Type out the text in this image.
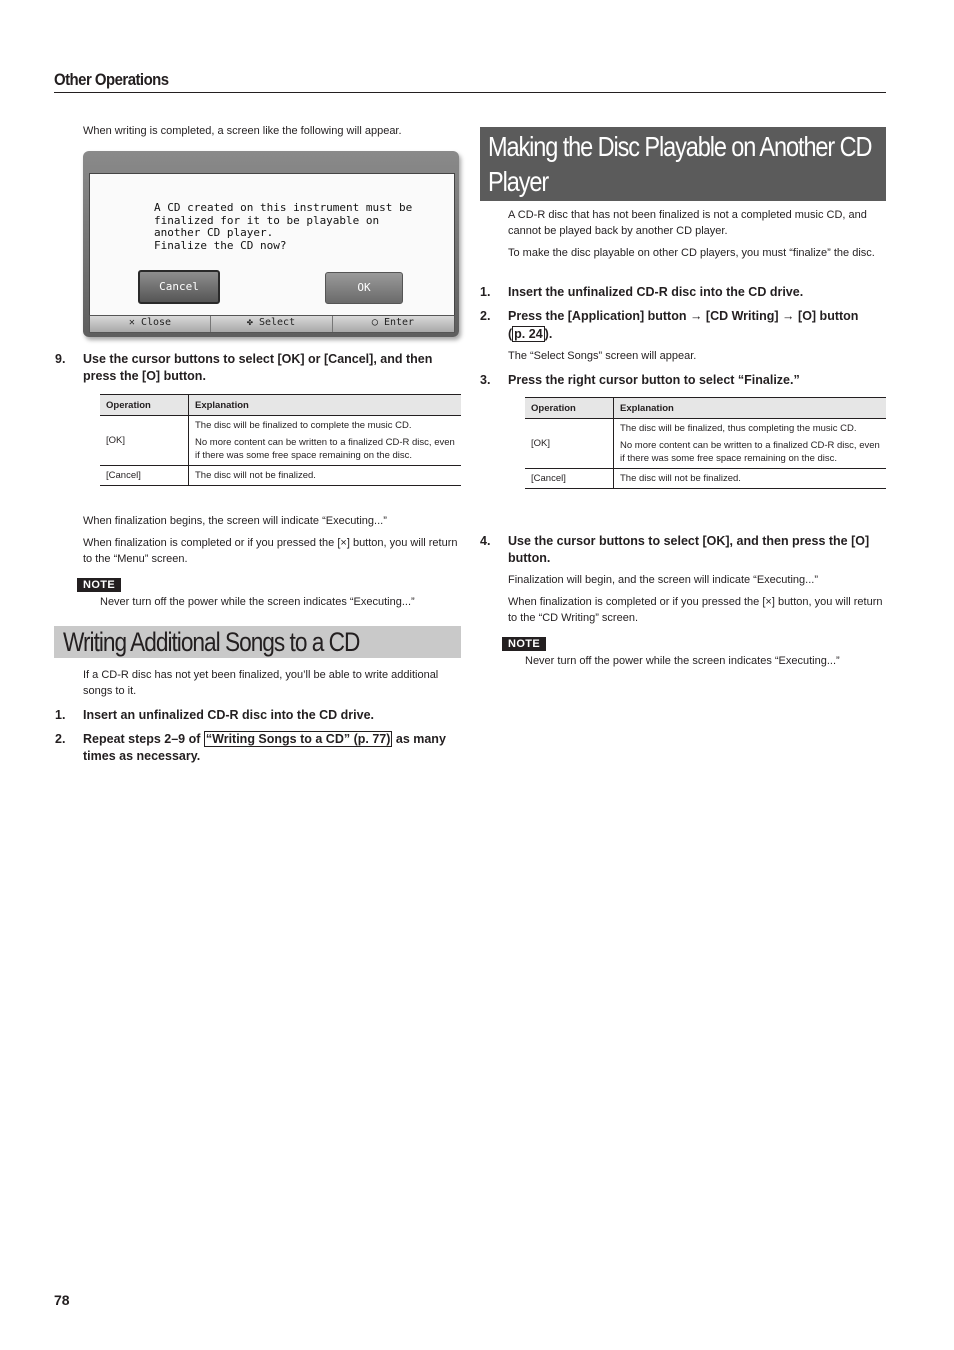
Other Operations

When writing is completed, a screen like the following will appear.

A CD created on this instrument must be
finalized for it to be playable on
another CD player.
Finalize the CD now?
Cancel	OK
✕ Close	✤ Select	◯ Enter
9. Use the cursor buttons to select [OK] or [Cancel], and then press the [O] button.
Operation	Explanation
[OK]	The disc will be finalized to complete the music CD.

No more content can be written to a finalized CD-R disc, even if there was some free space remaining on the disc.

[Cancel]	The disc will not be finalized.

When finalization begins, the screen will indicate “Executing...”

When finalization is completed or if you pressed the [×] button, you will return to the “Menu” screen.

NOTE

Never turn off the power while the screen indicates “Executing...”

Writing Additional Songs to a CD

If a CD-R disc has not yet been finalized, you’ll be able to write additional songs to it.

1. Insert an unfinalized CD-R disc into the CD drive.
2. Repeat steps 2–9 of “Writing Songs to a CD” (p. 77) as many
times as necessary.
Making the Disc Playable on Another CD Player

A CD-R disc that has not been finalized is not a completed music CD, and cannot be played back by another CD player.

To make the disc playable on other CD players, you must “finalize” the disc.

1. Insert the unfinalized CD-R disc into the CD drive.
2. Press the [Application] button → [CD Writing] → [O] button
( p. 24 ).

The “Select Songs” screen will appear.

3. Press the right cursor button to select “Finalize.”
Operation	Explanation
[OK]	The disc will be finalized, thus completing the music CD.

No more content can be written to a finalized CD-R disc, even if there was some free space remaining on the disc.

[Cancel]	The disc will not be finalized.
4. Use the cursor buttons to select [OK], and then press the [O] button.

Finalization will begin, and the screen will indicate “Executing...”

When finalization is completed or if you pressed the [×] button, you will return to the “CD Writing” screen.

NOTE

Never turn off the power while the screen indicates “Executing...”

78
